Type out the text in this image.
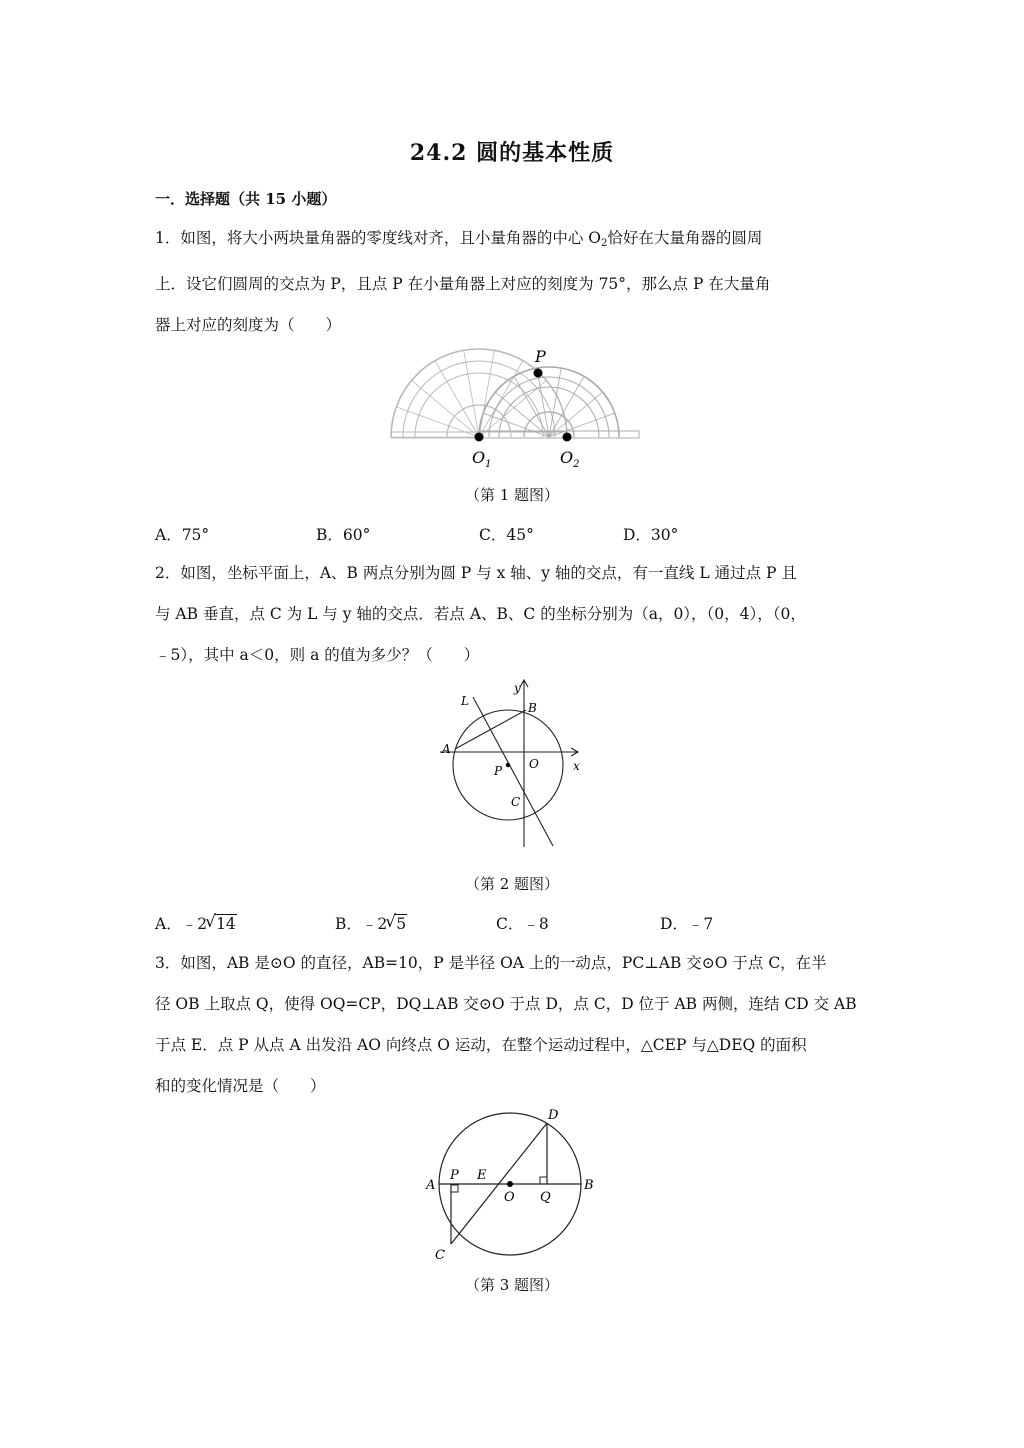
24.2 圆的基本性质
一．选择题（共 15 小题）
1．如图，将大小两块量角器的零度线对齐，且小量角器的中心 $O_2$恰好在大量角器的圆周
上．设它们圆周的交点为 P，且点 P 在小量角器上对应的刻度为 75°，那么点 P 在大量角
器上对应的刻度为（　　）
P
$O_1$	$O_2$
（第 1 题图）
A．75°	B．60°	C．45°	D．30°
2．如图，坐标平面上，A、B 两点分别为圆 P 与 x 轴、y 轴的交点，有一直线 L 通过点 P 且
与 AB 垂直，点 C 为 L 与 y 轴的交点．若点 A、B、C 的坐标分别为（a，0），（0，4），（0，
﹣5），其中 a＜0，则 a 的值为多少？（　　）
y
x
L	B
A
O
P
C
（第 2 题图）
A．﹣2 √ 14	B．﹣2 √ 5	C．﹣8	D．﹣7
3．如图，AB 是⊙O 的直径，AB=10，P 是半径 OA 上的一动点，PC⊥AB 交⊙O 于点 C，在半
径 OB 上取点 Q，使得 OQ=CP，DQ⊥AB 交⊙O 于点 D，点 C，D 位于 AB 两侧，连结 CD 交 AB
于点 E．点 P 从点 A 出发沿 AO 向终点 O 运动，在整个运动过程中，△CEP 与△DEQ 的面积
和的变化情况是（　　）
A
P E
O Q
B
C
D
（第 3 题图）
